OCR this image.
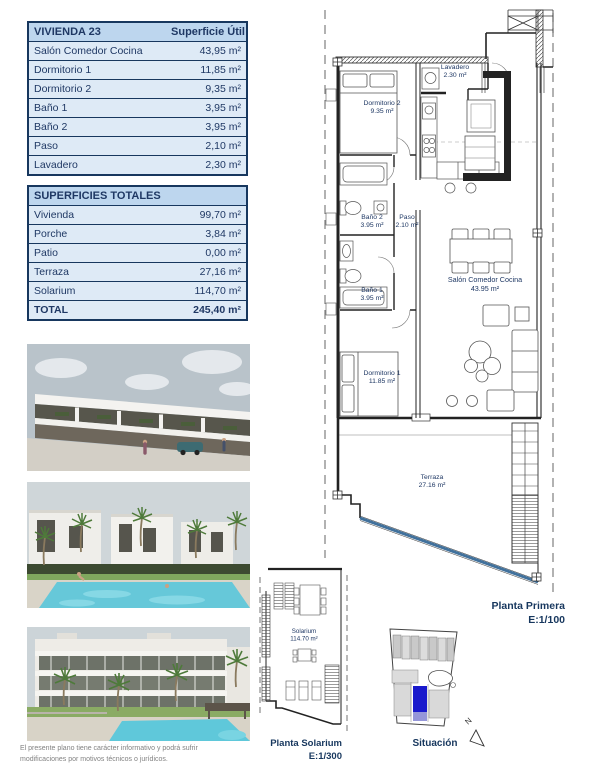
VIVIENDA 23	Superficie Útil
Salón Comedor Cocina	43,95 m²
Dormitorio 1	11,85 m²
Dormitorio 2	9,35 m²
Baño 1	3,95 m²
Baño 2	3,95 m²
Paso	2,10 m²
Lavadero	2,30 m²
SUPERFICIES TOTALES	
Vivienda	99,70 m²
Porche	3,84 m²
Patio	0,00 m²
Terraza	27,16 m²
Solarium	114,70 m²
TOTAL	245,40 m²
Lavadero
2.30 m²
Dormitorio 2
9.35 m²
Baño 2
3.95 m²
Paso
2.10 m²
Baño 1
3.95 m²
Salón Comedor Cocina
43.95 m²
Dormitorio 1
11.85 m²
Terraza
27.16 m²
Planta Primera
E:1/100
Solarium
114.70 m²
Planta Solarium
E:1/300
Situación
N
El presente plano tiene carácter informativo y podrá sufrir
modificaciones por motivos técnicos o jurídicos.
